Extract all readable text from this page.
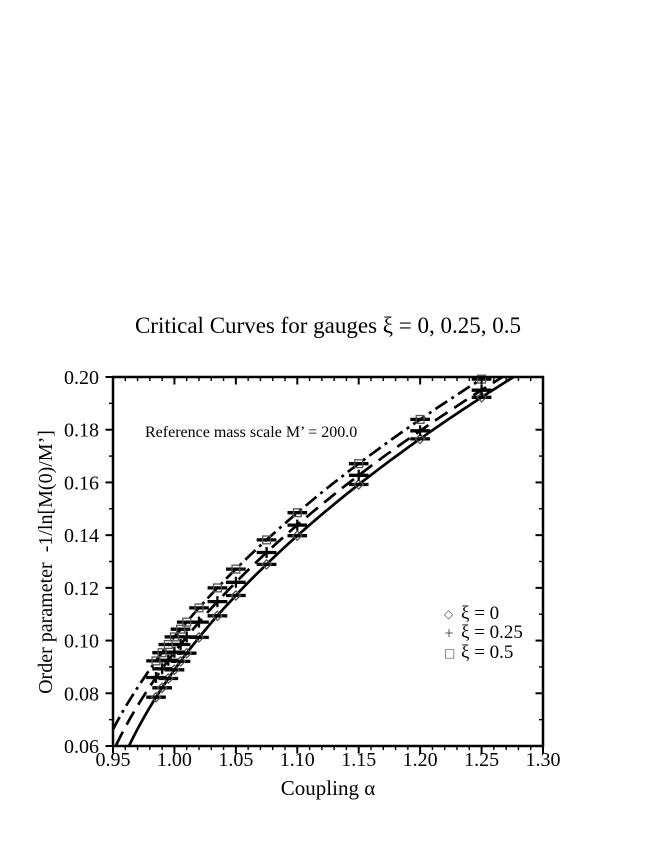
Critical Curves for gauges ξ = 0, 0.25, 0.5
0.95 1.00 1.05 1.10 1.15 1.20 1.25 1.30
0.06
0.08
0.10
0.12
0.14
0.16
0.18
0.20
Reference mass scale M’ = 200.0
Coupling α
Order parameter  -1/ln[M(0)/M’]	◇ ξ = 0
+ ξ = 0.25
□ ξ = 0.5
